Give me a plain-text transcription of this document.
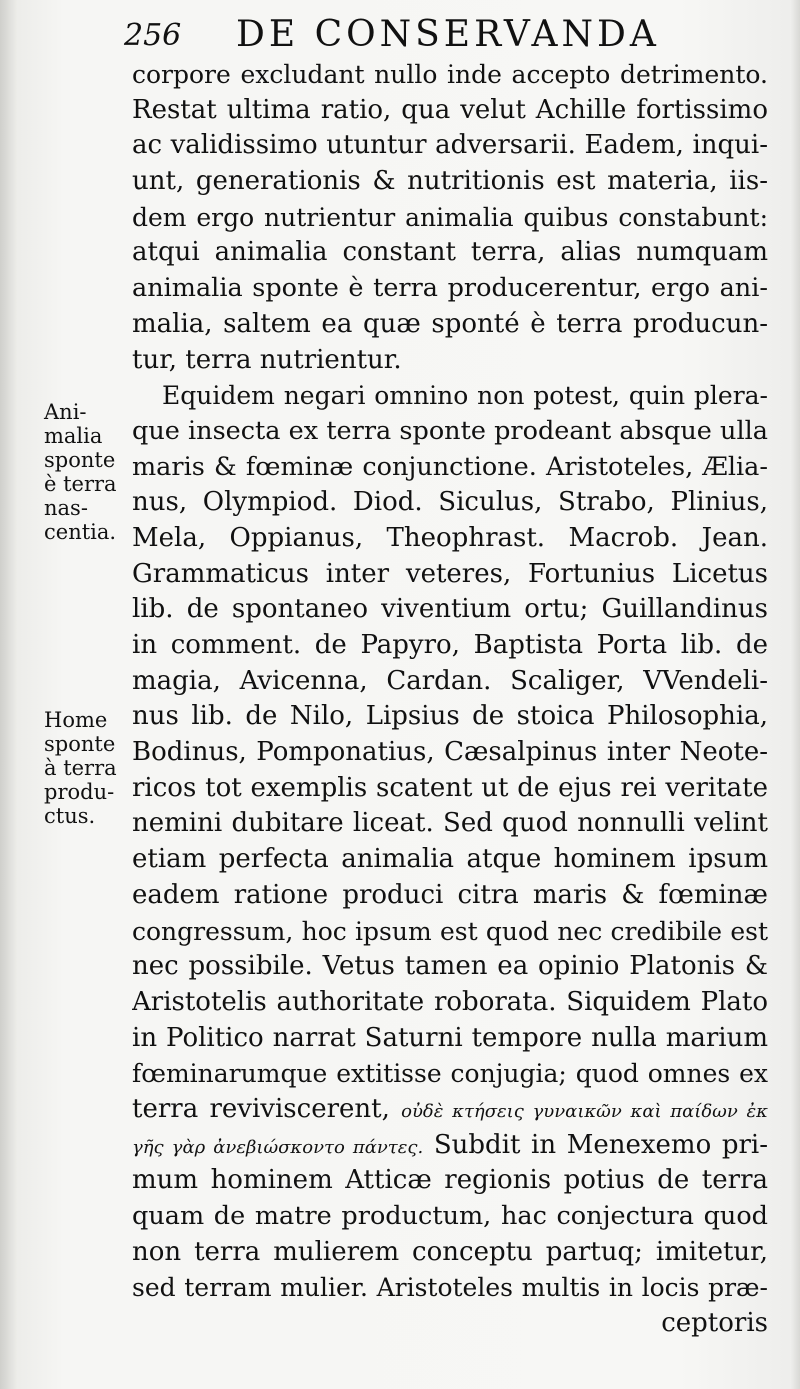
256 DE CONSERVANDA
Ani-
malia
sponte
è terra
nas-
centia.
Home
sponte
à terra
produ-
ctus.
corpore excludant nullo inde accepto detrimento.
Restat ultima ratio, qua velut Achille fortissimo
ac validissimo utuntur adversarii. Eadem, inqui-
unt, generationis & nutritionis est materia, iis-
dem ergo nutrientur animalia quibus constabunt:
atqui animalia constant terra, alias numquam
animalia sponte è terra producerentur, ergo ani-
malia, saltem ea quæ sponté è terra producun-
tur, terra nutrientur.
Equidem negari omnino non potest, quin plera-
que insecta ex terra sponte prodeant absque ulla
maris & fœminæ conjunctione. Aristoteles, Ælia-
nus, Olympiod. Diod. Siculus, Strabo, Plinius,
Mela, Oppianus, Theophrast. Macrob. Jean.
Grammaticus inter veteres, Fortunius Licetus
lib. de spontaneo viventium ortu; Guillandinus
in comment. de Papyro, Baptista Porta lib. de
magia, Avicenna, Cardan. Scaliger, VVendeli-
nus lib. de Nilo, Lipsius de stoica Philosophia,
Bodinus, Pomponatius, Cæsalpinus inter Neote-
ricos tot exemplis scatent ut de ejus rei veritate
nemini dubitare liceat. Sed quod nonnulli velint
etiam perfecta animalia atque hominem ipsum
eadem ratione produci citra maris & fœminæ
congressum, hoc ipsum est quod nec credibile est
nec possibile. Vetus tamen ea opinio Platonis &
Aristotelis authoritate roborata. Siquidem Plato
in Politico narrat Saturni tempore nulla marium
fœminarumque extitisse conjugia; quod omnes ex
terra reviviscerent, οὐδὲ κτήσεις γυναικῶν καὶ παίδων ἐκ
γῆς γὰρ ἀνεβιώσκοντο πάντες. Subdit in Menexemo pri-
mum hominem Atticæ regionis potius de terra
quam de matre productum, hac conjectura quod
non terra mulierem conceptu partuq; imitetur,
sed terram mulier. Aristoteles multis in locis præ-
ceptoris
